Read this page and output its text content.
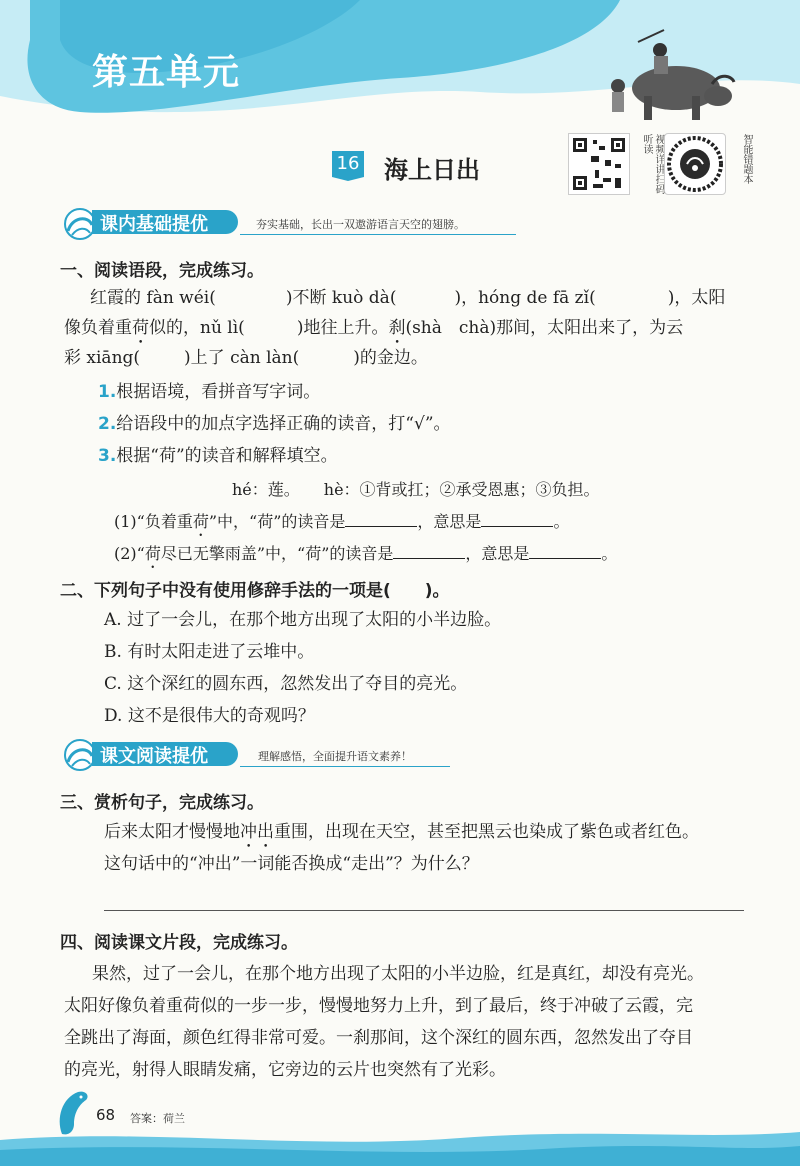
第五单元
16 海上日出	视频详讲扫码听读	智能错题本
课内基础提优	夯实基础，长出一双遨游语言天空的翅膀。
一、阅读语段，完成练习。
红霞的 fàn wéi(	)不断 kuò dà(	)，hóng de fā zǐ(	)，太阳
像负着重荷似的，nǔ lì(	)地往上升。刹(shà　chà)那间，太阳出来了，为云
彩 xiāng(	)上了 càn làn(	)的金边。
1.根据语境，看拼音写字词。
2.给语段中的加点字选择正确的读音，打“√”。
3.根据“荷”的读音和解释填空。
hé：莲。　　hè：①背或扛；②承受恩惠；③负担。
(1)“负着重荷”中，“荷”的读音是	，意思是	。
(2)“荷尽已无擎雨盖”中，“荷”的读音是	，意思是	。
二、下列句子中没有使用修辞手法的一项是(　　)。
A. 过了一会儿，在那个地方出现了太阳的小半边脸。
B. 有时太阳走进了云堆中。
C. 这个深红的圆东西，忽然发出了夺目的亮光。
D. 这不是很伟大的奇观吗？
课文阅读提优	理解感悟，全面提升语文素养！
三、赏析句子，完成练习。
后来太阳才慢慢地冲出重围，出现在天空，甚至把黑云也染成了紫色或者红色。
这句话中的“冲出”一词能否换成“走出”？为什么？
四、阅读课文片段，完成练习。
果然，过了一会儿，在那个地方出现了太阳的小半边脸，红是真红，却没有亮光。
太阳好像负着重荷似的一步一步，慢慢地努力上升，到了最后，终于冲破了云霞，完
全跳出了海面，颜色红得非常可爱。一刹那间，这个深红的圆东西，忽然发出了夺目
的亮光，射得人眼睛发痛，它旁边的云片也突然有了光彩。
68 答案：荷兰
